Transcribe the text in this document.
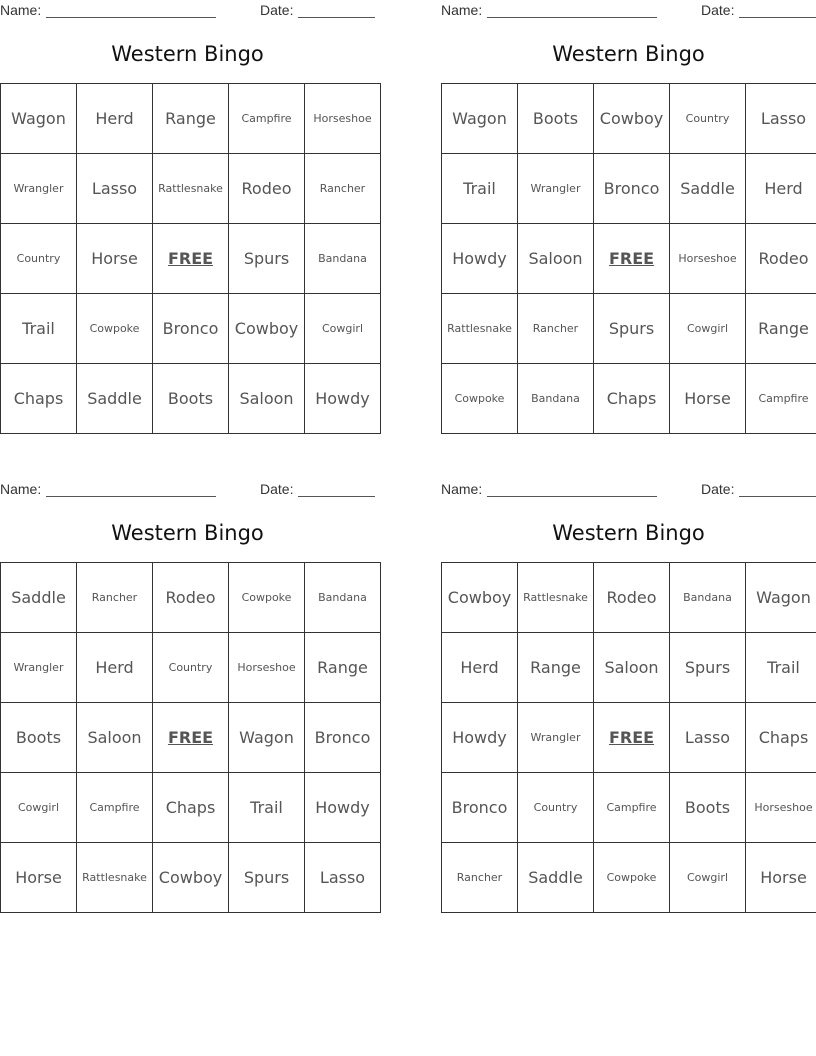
Name:	Date:
Western Bingo
Wagon	Herd	Range	Campfire	Horseshoe
Wrangler	Lasso	Rattlesnake	Rodeo	Rancher
Country	Horse	FREE	Spurs	Bandana
Trail	Cowpoke	Bronco	Cowboy	Cowgirl
Chaps	Saddle	Boots	Saloon	Howdy
Name:	Date:
Western Bingo
Wagon	Boots	Cowboy	Country	Lasso
Trail	Wrangler	Bronco	Saddle	Herd
Howdy	Saloon	FREE	Horseshoe	Rodeo
Rattlesnake	Rancher	Spurs	Cowgirl	Range
Cowpoke	Bandana	Chaps	Horse	Campfire
Name:	Date:
Western Bingo
Saddle	Rancher	Rodeo	Cowpoke	Bandana
Wrangler	Herd	Country	Horseshoe	Range
Boots	Saloon	FREE	Wagon	Bronco
Cowgirl	Campfire	Chaps	Trail	Howdy
Horse	Rattlesnake	Cowboy	Spurs	Lasso
Name:	Date:
Western Bingo
Cowboy	Rattlesnake	Rodeo	Bandana	Wagon
Herd	Range	Saloon	Spurs	Trail
Howdy	Wrangler	FREE	Lasso	Chaps
Bronco	Country	Campfire	Boots	Horseshoe
Rancher	Saddle	Cowpoke	Cowgirl	Horse
